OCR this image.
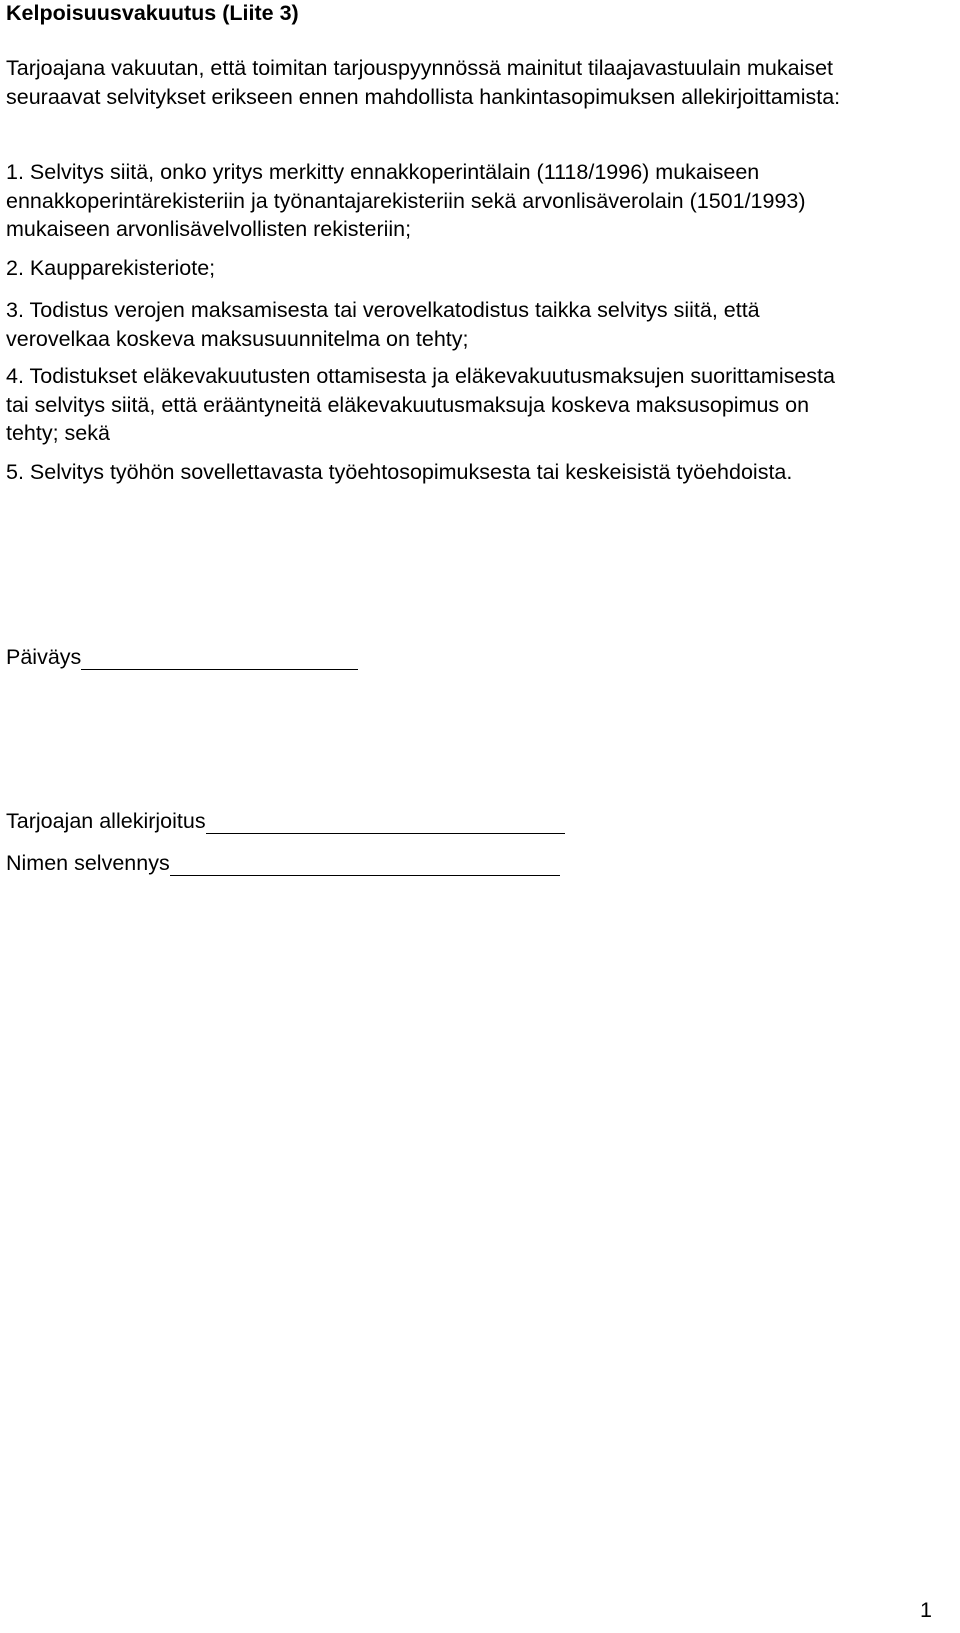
Kelpoisuusvakuutus (Liite 3)
Tarjoajana vakuutan, että toimitan tarjouspyynnössä mainitut tilaajavastuulain mukaiset
seuraavat selvitykset erikseen ennen mahdollista hankintasopimuksen allekirjoittamista:
1. Selvitys siitä, onko yritys merkitty ennakkoperintälain (1118/1996) mukaiseen
ennakkoperintärekisteriin ja työnantajarekisteriin sekä arvonlisäverolain (1501/1993)
mukaiseen arvonlisävelvollisten rekisteriin;
2. Kaupparekisteriote;
3. Todistus verojen maksamisesta tai verovelkatodistus taikka selvitys siitä, että
verovelkaa koskeva maksusuunnitelma on tehty;
4. Todistukset eläkevakuutusten ottamisesta ja eläkevakuutusmaksujen suorittamisesta
tai selvitys siitä, että erääntyneitä eläkevakuutusmaksuja koskeva maksusopimus on
tehty; sekä
5. Selvitys työhön sovellettavasta työehtosopimuksesta tai keskeisistä työehdoista.
Päiväys
Tarjoajan allekirjoitus
Nimen selvennys
1
